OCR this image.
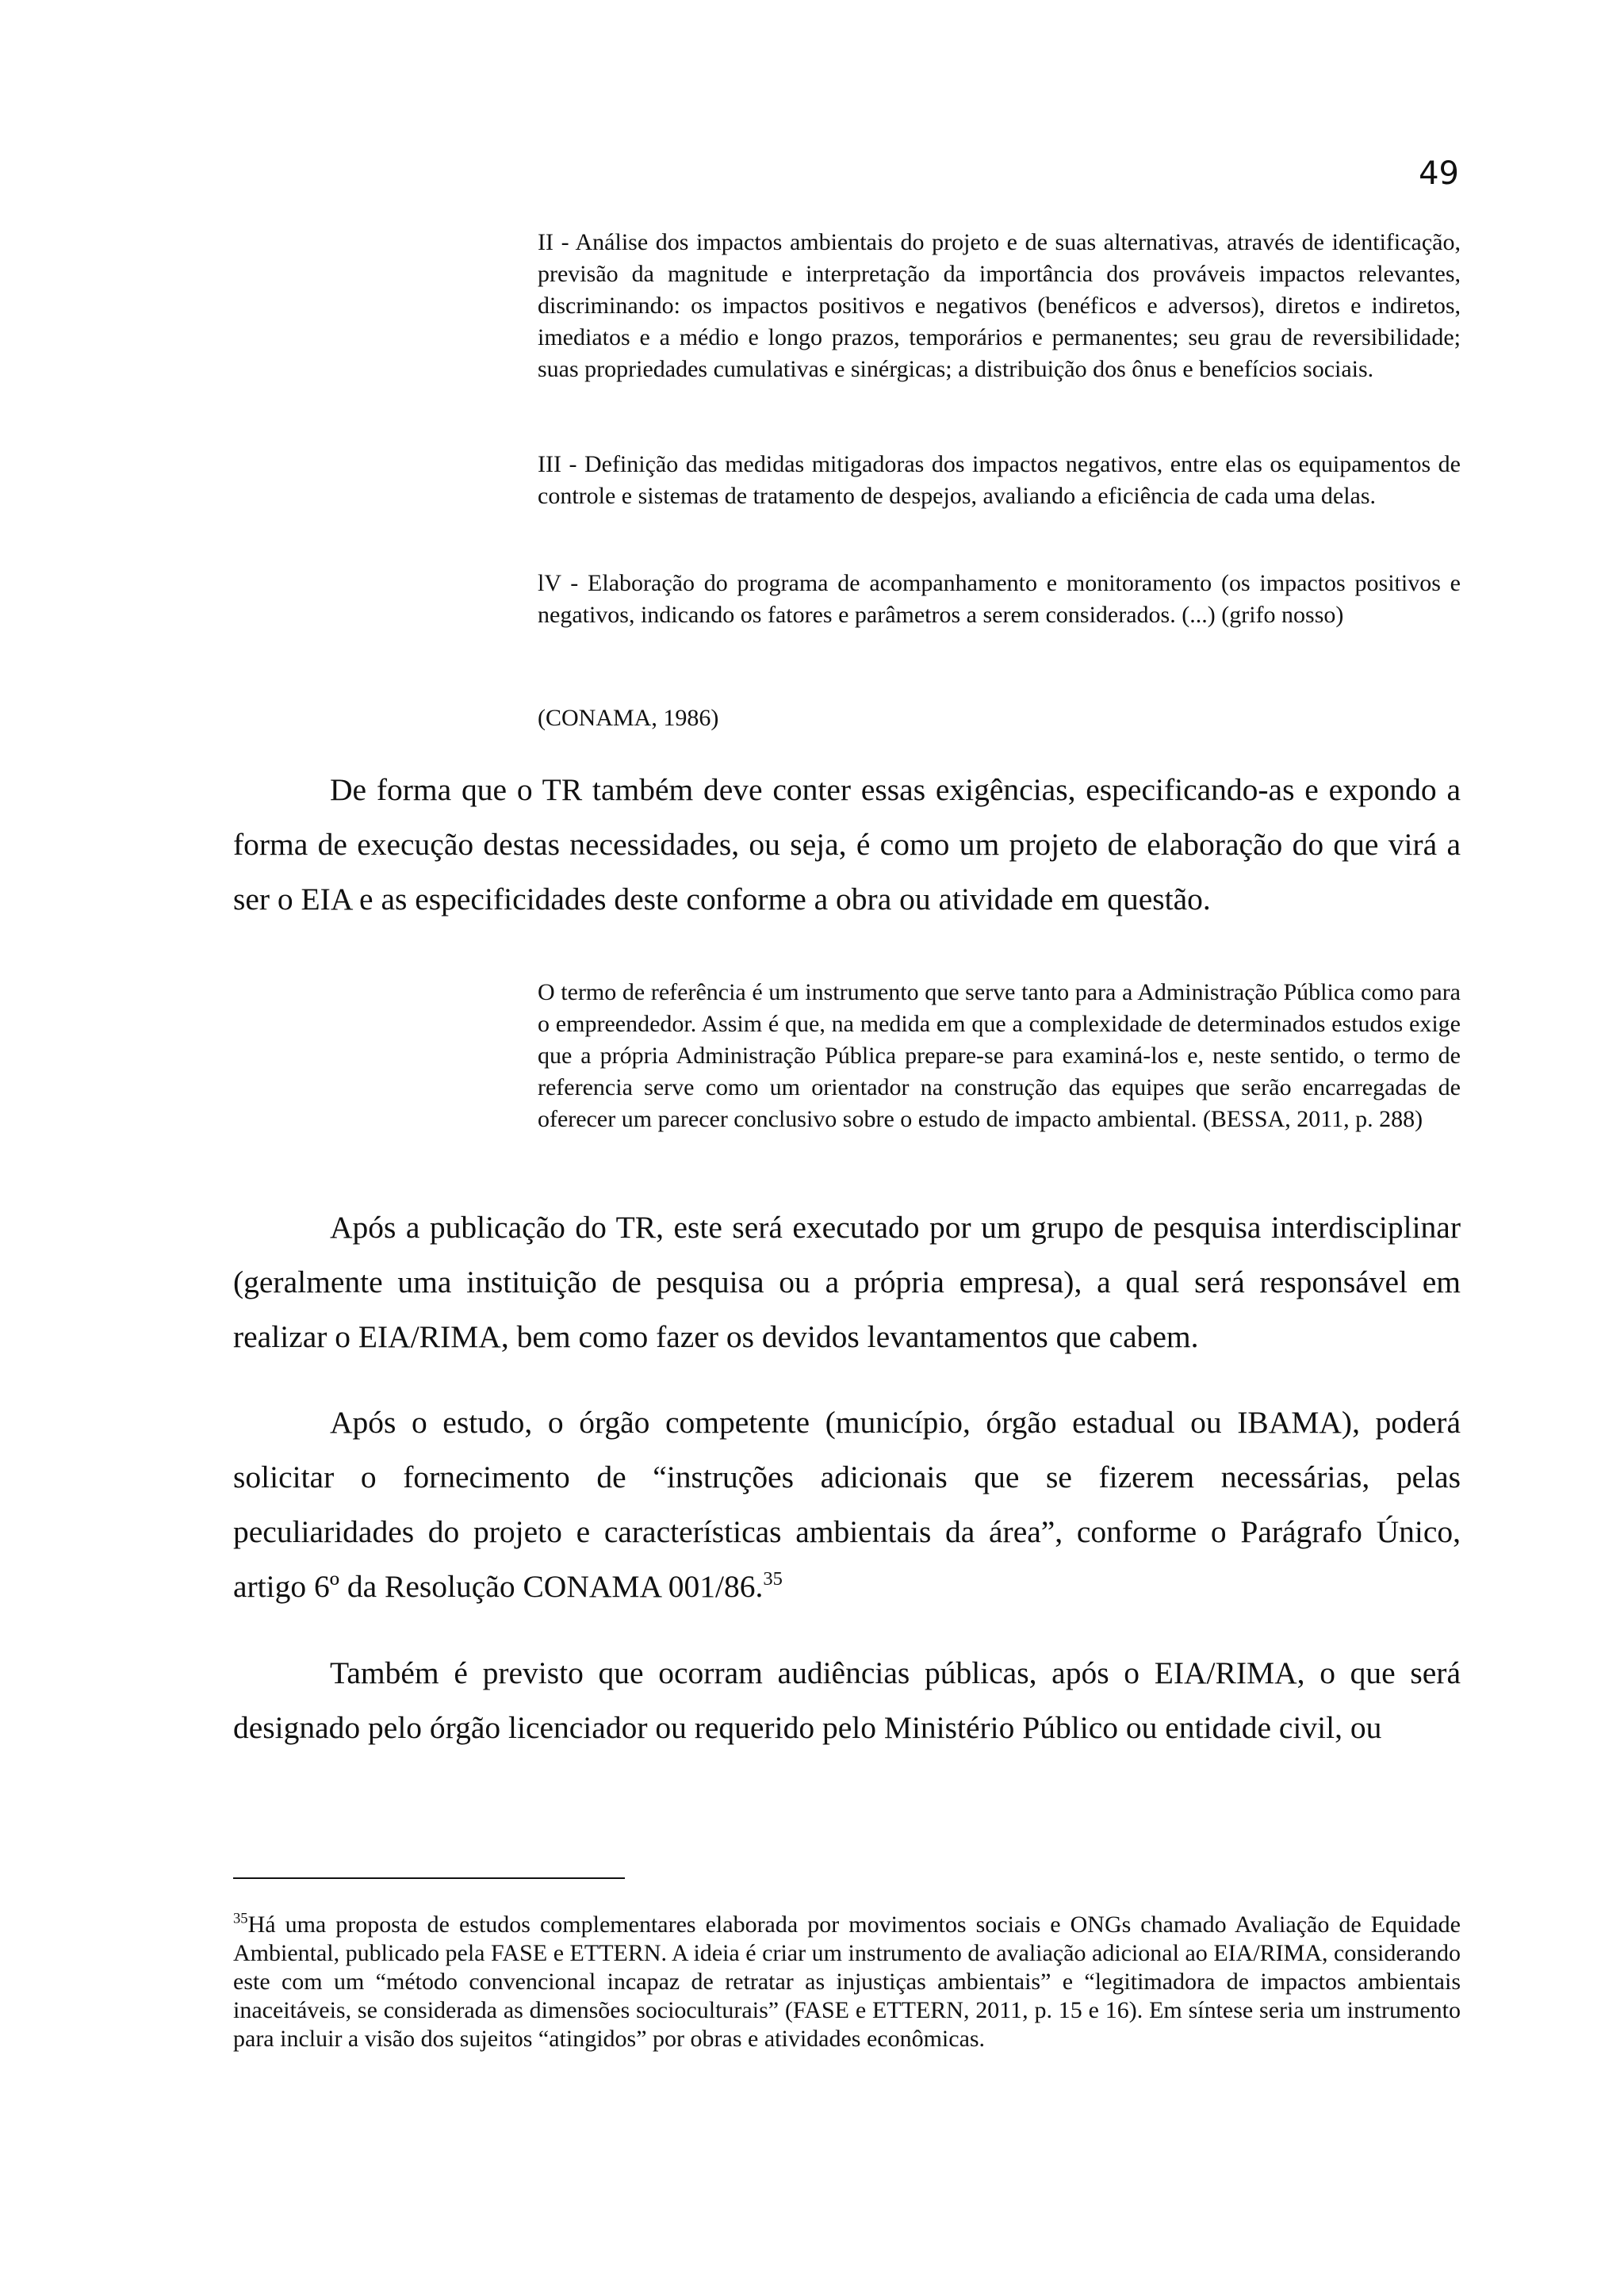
49

II - Análise dos impactos ambientais do projeto e de suas alternativas, através de identificação, previsão da magnitude e interpretação da importância dos prováveis impactos relevantes, discriminando: os impactos positivos e negativos (benéficos e adversos), diretos e indiretos, imediatos e a médio e longo prazos, temporários e permanentes; seu grau de reversibilidade; suas propriedades cumulativas e sinérgicas; a distribuição dos ônus e benefícios sociais.

III - Definição das medidas mitigadoras dos impactos negativos, entre elas os equipamentos de controle e sistemas de tratamento de despejos, avaliando a eficiência de cada uma delas.

lV - Elaboração do programa de acompanhamento e monitoramento (os impactos positivos e negativos, indicando os fatores e parâmetros a serem considerados. (...) (grifo nosso)

(CONAMA, 1986)

De forma que o TR também deve conter essas exigências, especificando-as e expondo a forma de execução destas necessidades, ou seja, é como um projeto de elaboração do que virá a ser o EIA e as especificidades deste conforme a obra ou atividade em questão.

O termo de referência é um instrumento que serve tanto para a Administração Pública como para o empreendedor. Assim é que, na medida em que a complexidade de determinados estudos exige que a própria Administração Pública prepare-se para examiná-los e, neste sentido, o termo de referencia serve como um orientador na construção das equipes que serão encarregadas de oferecer um parecer conclusivo sobre o estudo de impacto ambiental. (BESSA, 2011, p. 288)

Após a publicação do TR, este será executado por um grupo de pesquisa interdisciplinar (geralmente uma instituição de pesquisa ou a própria empresa), a qual será responsável em realizar o EIA/RIMA, bem como fazer os devidos levantamentos que cabem.

Após o estudo, o órgão competente (município, órgão estadual ou IBAMA), poderá solicitar o fornecimento de “instruções adicionais que se fizerem necessárias, pelas peculiaridades do projeto e características ambientais da área”, conforme o Parágrafo Único, artigo 6º da Resolução CONAMA 001/86.35

Também é previsto que ocorram audiências públicas, após o EIA/RIMA, o que será designado pelo órgão licenciador ou requerido pelo Ministério Público ou entidade civil, ou

$^{35}$Há uma proposta de estudos complementares elaborada por movimentos sociais e ONGs chamado Avaliação de Equidade Ambiental, publicado pela FASE e ETTERN. A ideia é criar um instrumento de avaliação adicional ao EIA/RIMA, considerando este com um “método convencional incapaz de retratar as injustiças ambientais” e “legitimadora de impactos ambientais inaceitáveis, se considerada as dimensões socioculturais” (FASE e ETTERN, 2011, p. 15 e 16). Em síntese seria um instrumento para incluir a visão dos sujeitos “atingidos” por obras e atividades econômicas.
